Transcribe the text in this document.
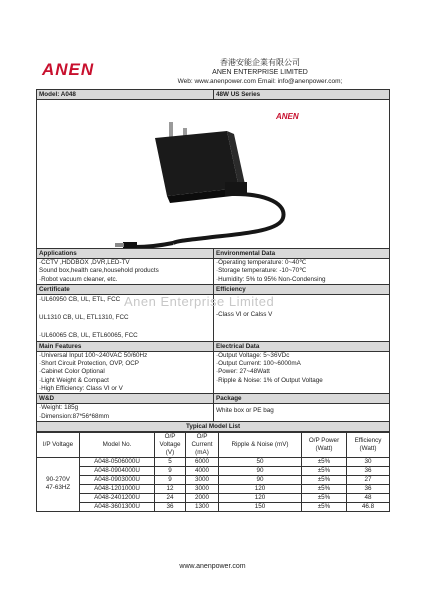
ANEN	香港安能企業有限公司
ANEN ENTERPRISE LIMITED
Web: www.anenpower.com Email: info@anenpower.com;
Model: A048	48W US Series
ANEN
Applications
·CCTV ,HDDBOX ,DVR,LED-TV
Sound box,health care,household products
·Robot vacuum cleaner, etc.
Environmental Data
·Operating temperature: 0~40℃
·Storage temperature: -10~70℃
·Humidity: 5% to 95% Non-Condensing
Certificate
·UL60950 CB, UL, ETL, FCC
UL1310 CB, UL, ETL1310, FCC
·UL60065 CB, UL, ETL60065, FCC
Efficiency
-Class VI or Calss V
Main Features
·Universal Input 100~240VAC 50/60Hz
·Short Circuit Protection, OVP, OCP
·Cabinet Color Optional
·Light Weight & Compact
·High Efficiency: Class VI or V
Electrical Data
·Output Voltage: 5~36VDc
·Output Current: 100~6000mA
·Power: 27~48Watt
·Ripple & Noise: 1% of Output Voltage
W&D
·Weight: 185g
·Dimension:87*56*68mm
Package
White box or PE bag
Typical Model List
I/P Voltage	Model No.	O/P Voltage (V)	O/P Current (mA)	Ripple & Noise (mV)	O/P Power (Watt)	Efficiency (Watt)

90-270V
47-63HZ	A048-0506000U	5	6000	50	±5%	30
	A048-0904000U	9	4000	90	±5%	36
	A048-0903000U	9	3000	90	±5%	27
	A048-1201000U	12	3000	120	±5%	36
	A048-2401200U	24	2000	120	±5%	48
	A048-3601300U	36	1300	150	±5%	46.8
Anen Enterprise Limited
www.anenpower.com
